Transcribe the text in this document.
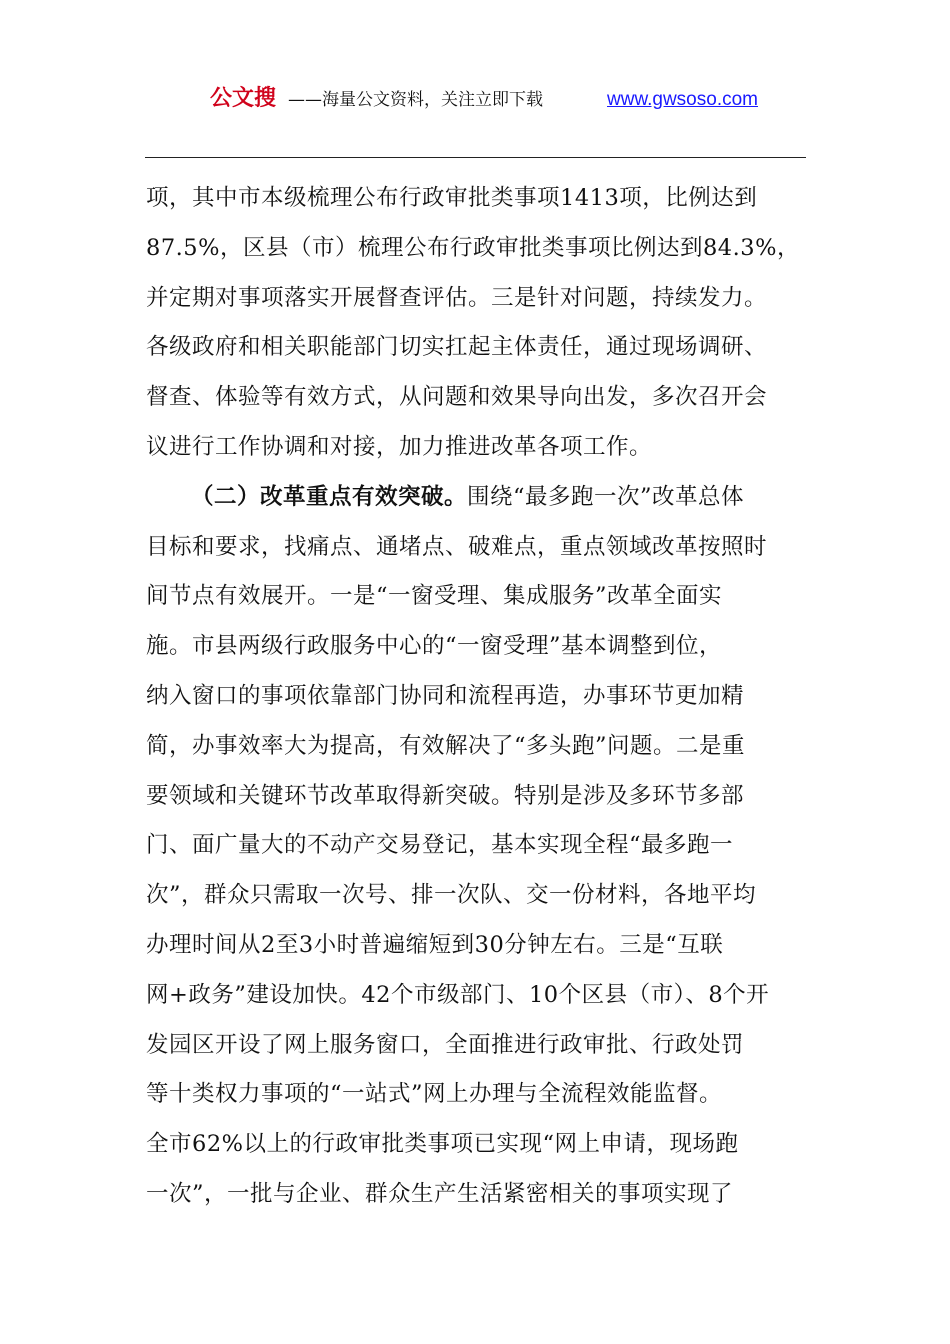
公文搜 ——海量公文资料，关注立即下载	www.gwsoso.com
项，其中市本级梳理公布行政审批类事项1413项，比例达到
87.5%，区县（市）梳理公布行政审批类事项比例达到84.3%，
并定期对事项落实开展督查评估。三是针对问题，持续发力。
各级政府和相关职能部门切实扛起主体责任，通过现场调研、
督查、体验等有效方式，从问题和效果导向出发，多次召开会
议进行工作协调和对接，加力推进改革各项工作。
（二）改革重点有效突破。围绕“最多跑一次”改革总体
目标和要求，找痛点、通堵点、破难点，重点领域改革按照时
间节点有效展开。一是“一窗受理、集成服务”改革全面实
施。市县两级行政服务中心的“一窗受理”基本调整到位，
纳入窗口的事项依靠部门协同和流程再造，办事环节更加精
简，办事效率大为提高，有效解决了“多头跑”问题。二是重
要领域和关键环节改革取得新突破。特别是涉及多环节多部
门、面广量大的不动产交易登记，基本实现全程“最多跑一
次”，群众只需取一次号、排一次队、交一份材料，各地平均
办理时间从2至3小时普遍缩短到30分钟左右。三是“互联
网+政务”建设加快。42个市级部门、10个区县（市）、8个开
发园区开设了网上服务窗口，全面推进行政审批、行政处罚
等十类权力事项的“一站式”网上办理与全流程效能监督。
全市62%以上的行政审批类事项已实现“网上申请，现场跑
一次”，一批与企业、群众生产生活紧密相关的事项实现了
